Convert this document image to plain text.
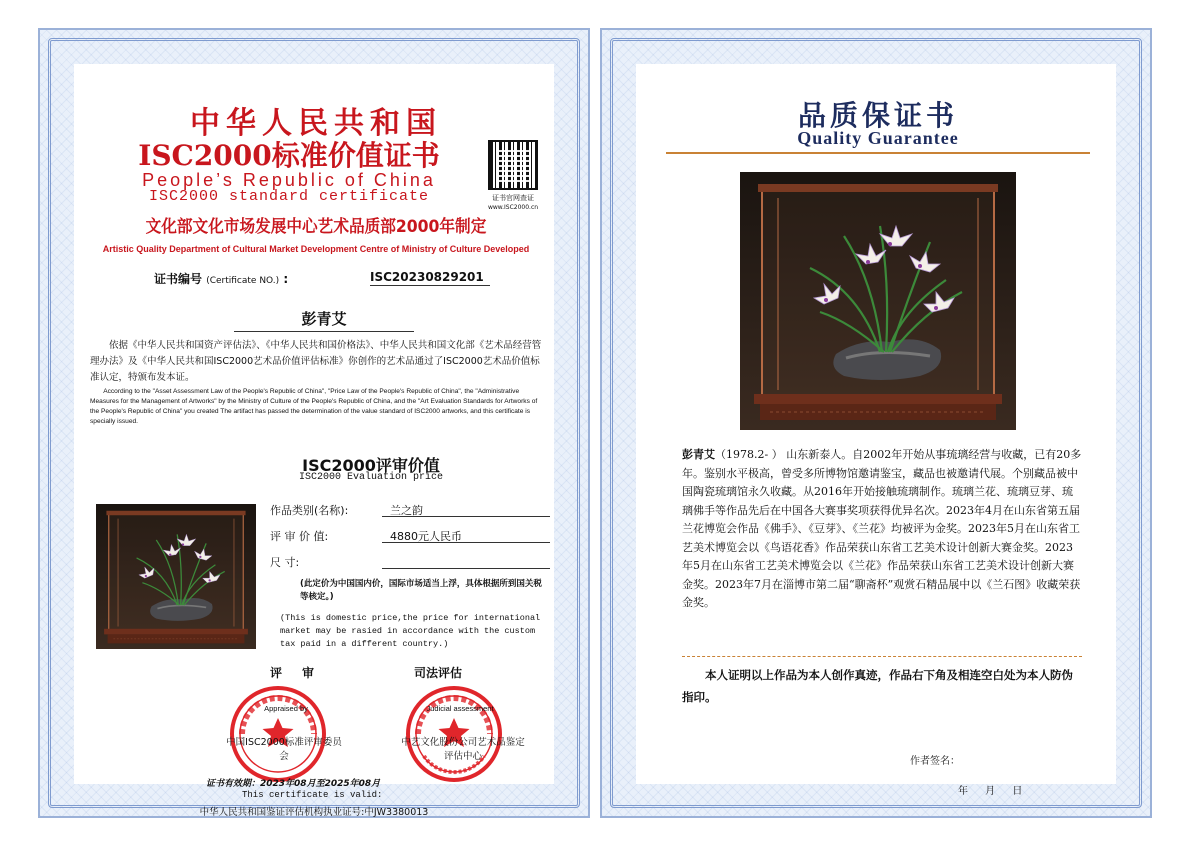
中华人民共和国
ISC2000标准价值证书
People’s Republic of China
ISC2000 standard certificate	证书官网查证
www.ISC2000.cn
文化部文化市场发展中心艺术品质部2000年制定
Artistic Quality Department of Cultural Market Development Centre of Ministry of Culture Developed
证书编号 (Certificate NO.) :	ISC20230829201
彭青艾
依据《中华人民共和国资产评估法》、《中华人民共和国价格法》、中华人民共和国文化部《艺术品经营管理办法》及《中华人民共和国ISC2000艺术品价值评估标准》你创作的艺术品通过了ISC2000艺术品价值标准认定，特颁布发本证。
According to the "Asset Assessment Law of the People's Republic of China", "Price Law of the People's Republic of China", the "Administrative Measures for the Management of Artworks" by the Ministry of Culture of the People's Republic of China, and the "Art Evaluation Standards for Artworks of the People's Republic of China" you created The artifact has passed the determination of the value standard of ISC2000 artworks, and this certificate is specially issued.
ISC2000评审价值
ISC2000 Evaluation price
作品类别(名称):	兰之韵
评 审 价 值:	4880元人民币
尺 寸:
(此定价为中国国内价，国际市场适当上浮，具体根据所到国关税等核定。)
(This is domestic price,the price for international market may be rasied in accordance with the custom tax paid in a different country.)
评审	司法评估
Appraised by	Judicial assessment
中国ISC2000标准评审委员会
中艺文化股份公司艺术品鉴定评估中心
证书有效期：2023年08月至2025年08月
This certificate is valid:
中华人民共和国鉴证评估机构执业证号:中JW3380013
品质保证书
Quality Guarantee
彭青艾（1978.2- ） 山东新泰人。自2002年开始从事琉璃经营与收藏，已有20多年。鉴别水平极高，曾受多所博物馆邀请鉴宝，藏品也被邀请代展。个别藏品被中国陶瓷琉璃馆永久收藏。从2016年开始接触琉璃制作。琉璃兰花、琉璃豆芽、琉璃佛手等作品先后在中国各大赛事奖项获得优异名次。2023年4月在山东省第五届兰花博览会作品《佛手》、《豆芽》、《兰花》均被评为金奖。2023年5月在山东省工艺美术博览会以《鸟语花香》作品荣获山东省工艺美术设计创新大赛金奖。2023年5月在山东省工艺美术博览会以《兰花》作品荣获山东省工艺美术设计创新大赛金奖。2023年7月在淄博市第二届“聊斋杯”观赏石精品展中以《兰石图》收藏荣获金奖。
本人证明以上作品为本人创作真迹，作品右下角及相连空白处为本人防伪指印。
作者签名：
年 月 日
